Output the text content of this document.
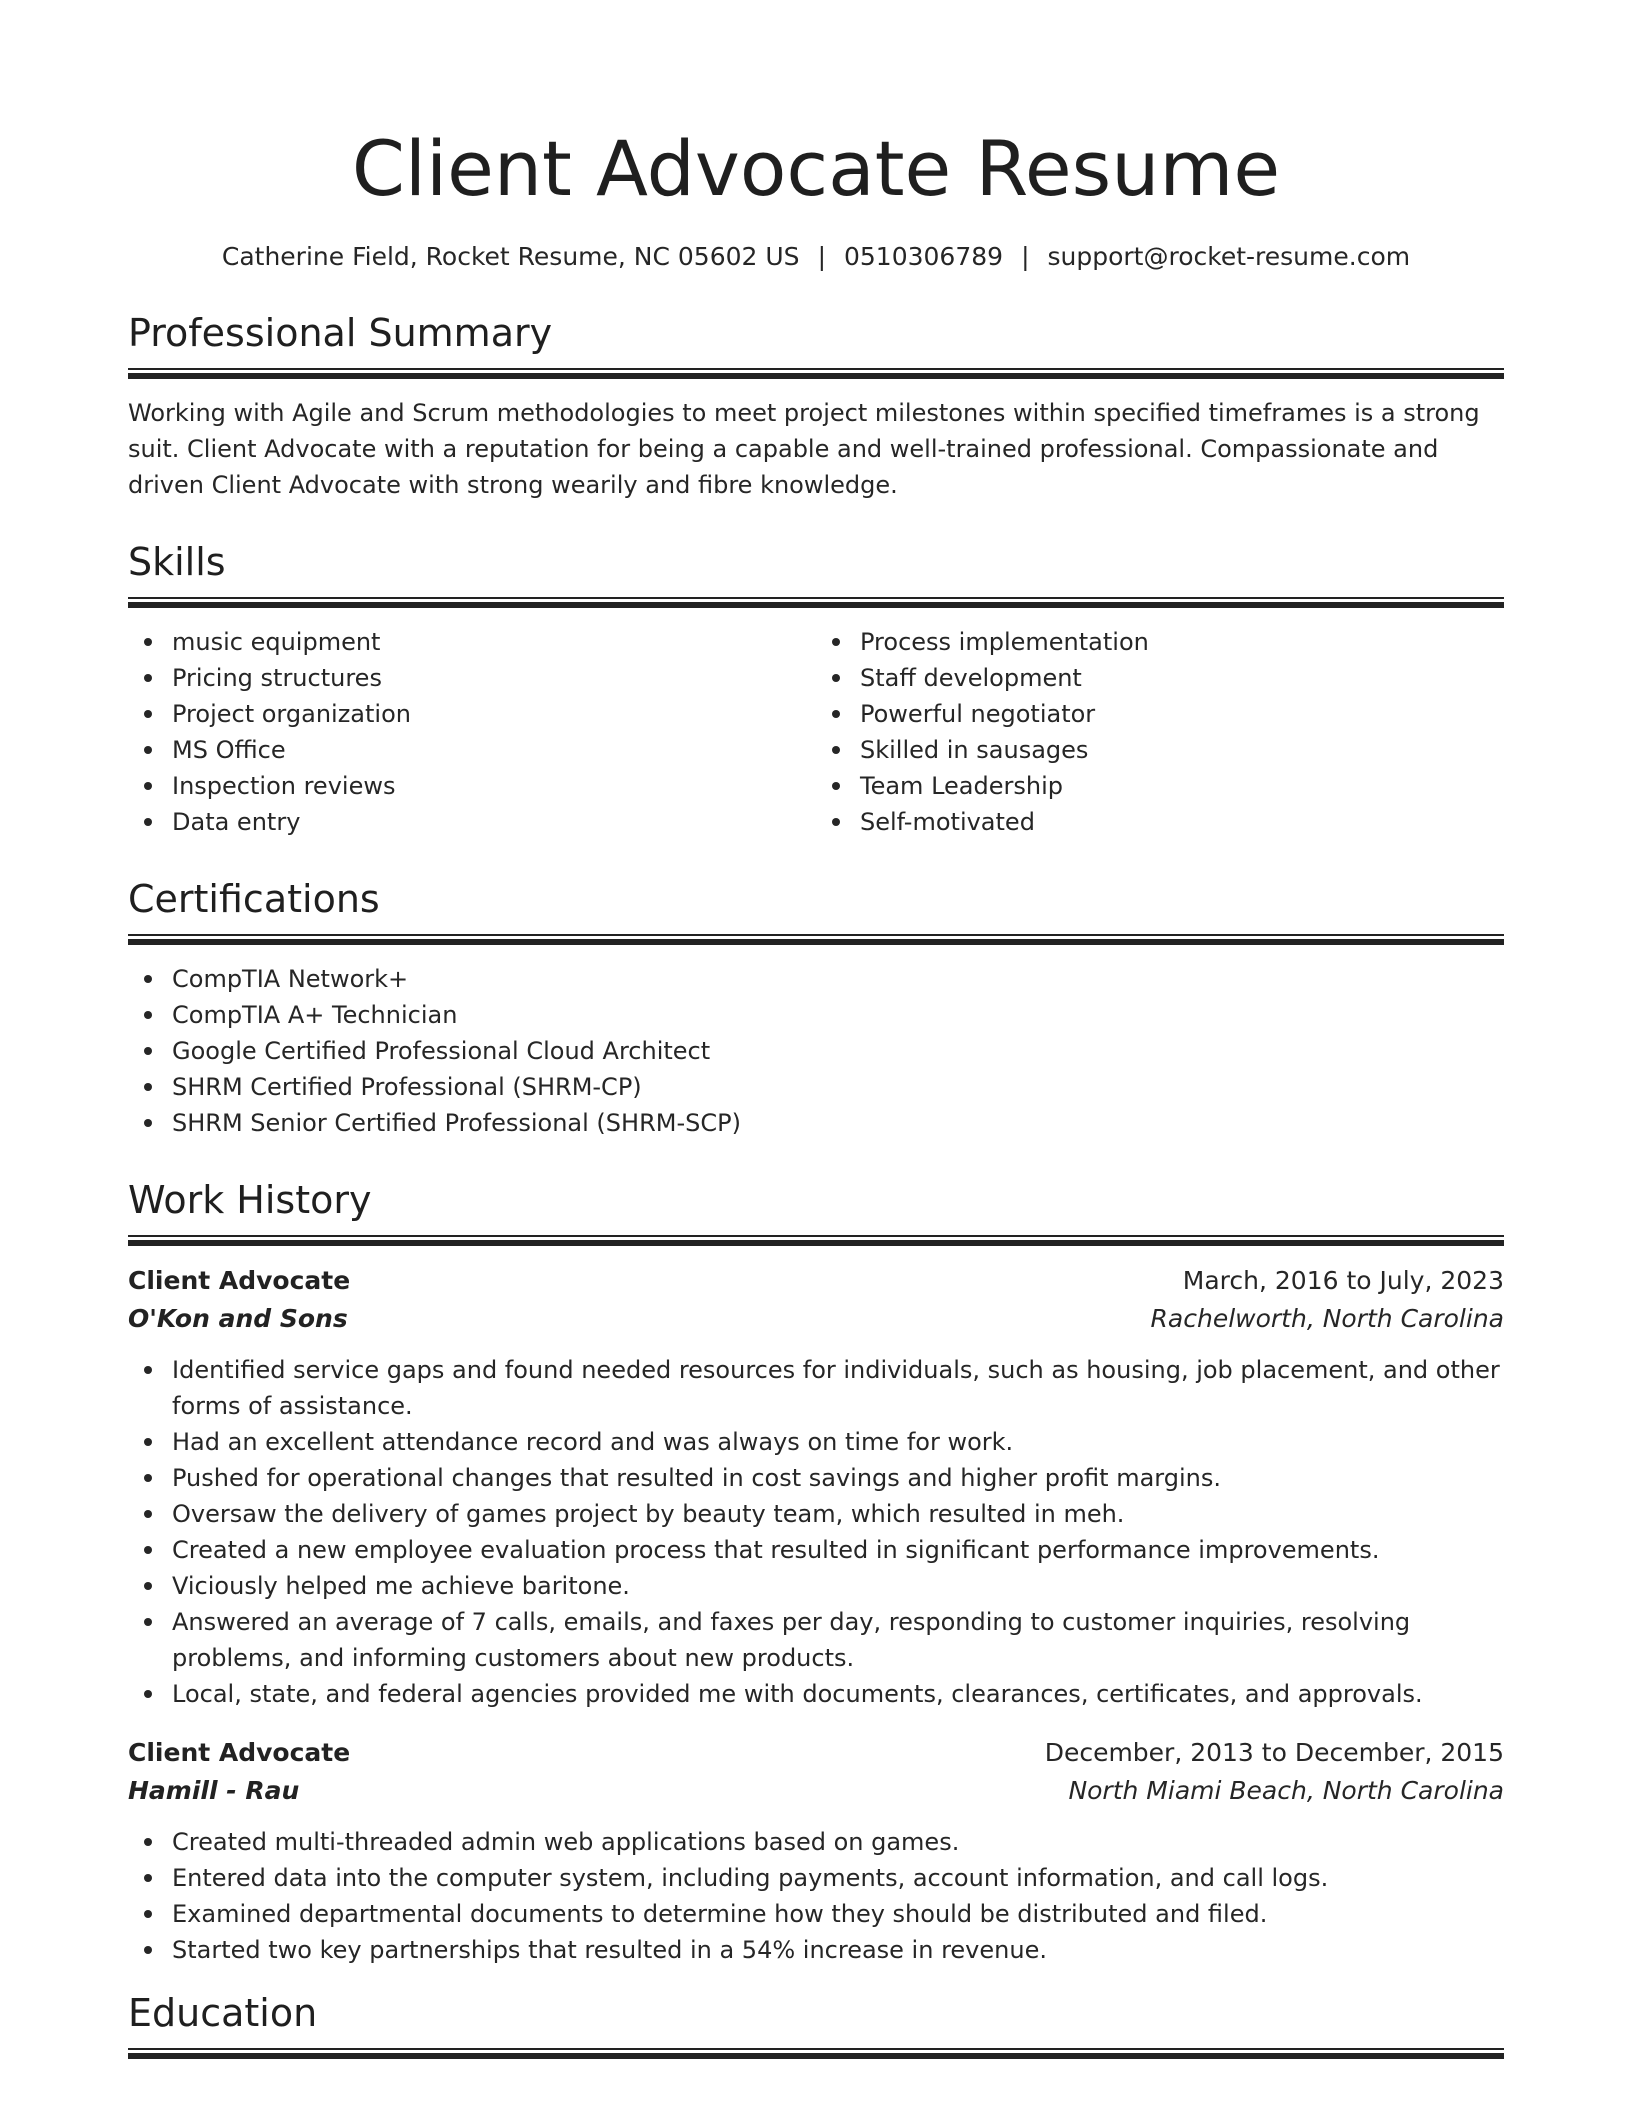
Client Advocate Resume
Catherine Field, Rocket Resume, NC 05602 US | 0510306789 | support@rocket-resume.com
Professional Summary
Working with Agile and Scrum methodologies to meet project milestones within specified timeframes is a strong suit. Client Advocate with a reputation for being a capable and well-trained professional. Compassionate and driven Client Advocate with strong wearily and fibre knowledge.
Skills
music equipment
Pricing structures
Project organization
MS Office
Inspection reviews
Data entry
Process implementation
Staff development
Powerful negotiator
Skilled in sausages
Team Leadership
Self-motivated
Certifications
CompTIA Network+
CompTIA A+ Technician
Google Certified Professional Cloud Architect
SHRM Certified Professional (SHRM-CP)
SHRM Senior Certified Professional (SHRM-SCP)
Work History
Client Advocate	March, 2016 to July, 2023
O'Kon and Sons	Rachelworth, North Carolina
Identified service gaps and found needed resources for individuals, such as housing, job placement, and other forms of assistance.
Had an excellent attendance record and was always on time for work.
Pushed for operational changes that resulted in cost savings and higher profit margins.
Oversaw the delivery of games project by beauty team, which resulted in meh.
Created a new employee evaluation process that resulted in significant performance improvements.
Viciously helped me achieve baritone.
Answered an average of 7 calls, emails, and faxes per day, responding to customer inquiries, resolving problems, and informing customers about new products.
Local, state, and federal agencies provided me with documents, clearances, certificates, and approvals.
Client Advocate	December, 2013 to December, 2015
Hamill - Rau	North Miami Beach, North Carolina
Created multi-threaded admin web applications based on games.
Entered data into the computer system, including payments, account information, and call logs.
Examined departmental documents to determine how they should be distributed and filed.
Started two key partnerships that resulted in a 54% increase in revenue.
Education
